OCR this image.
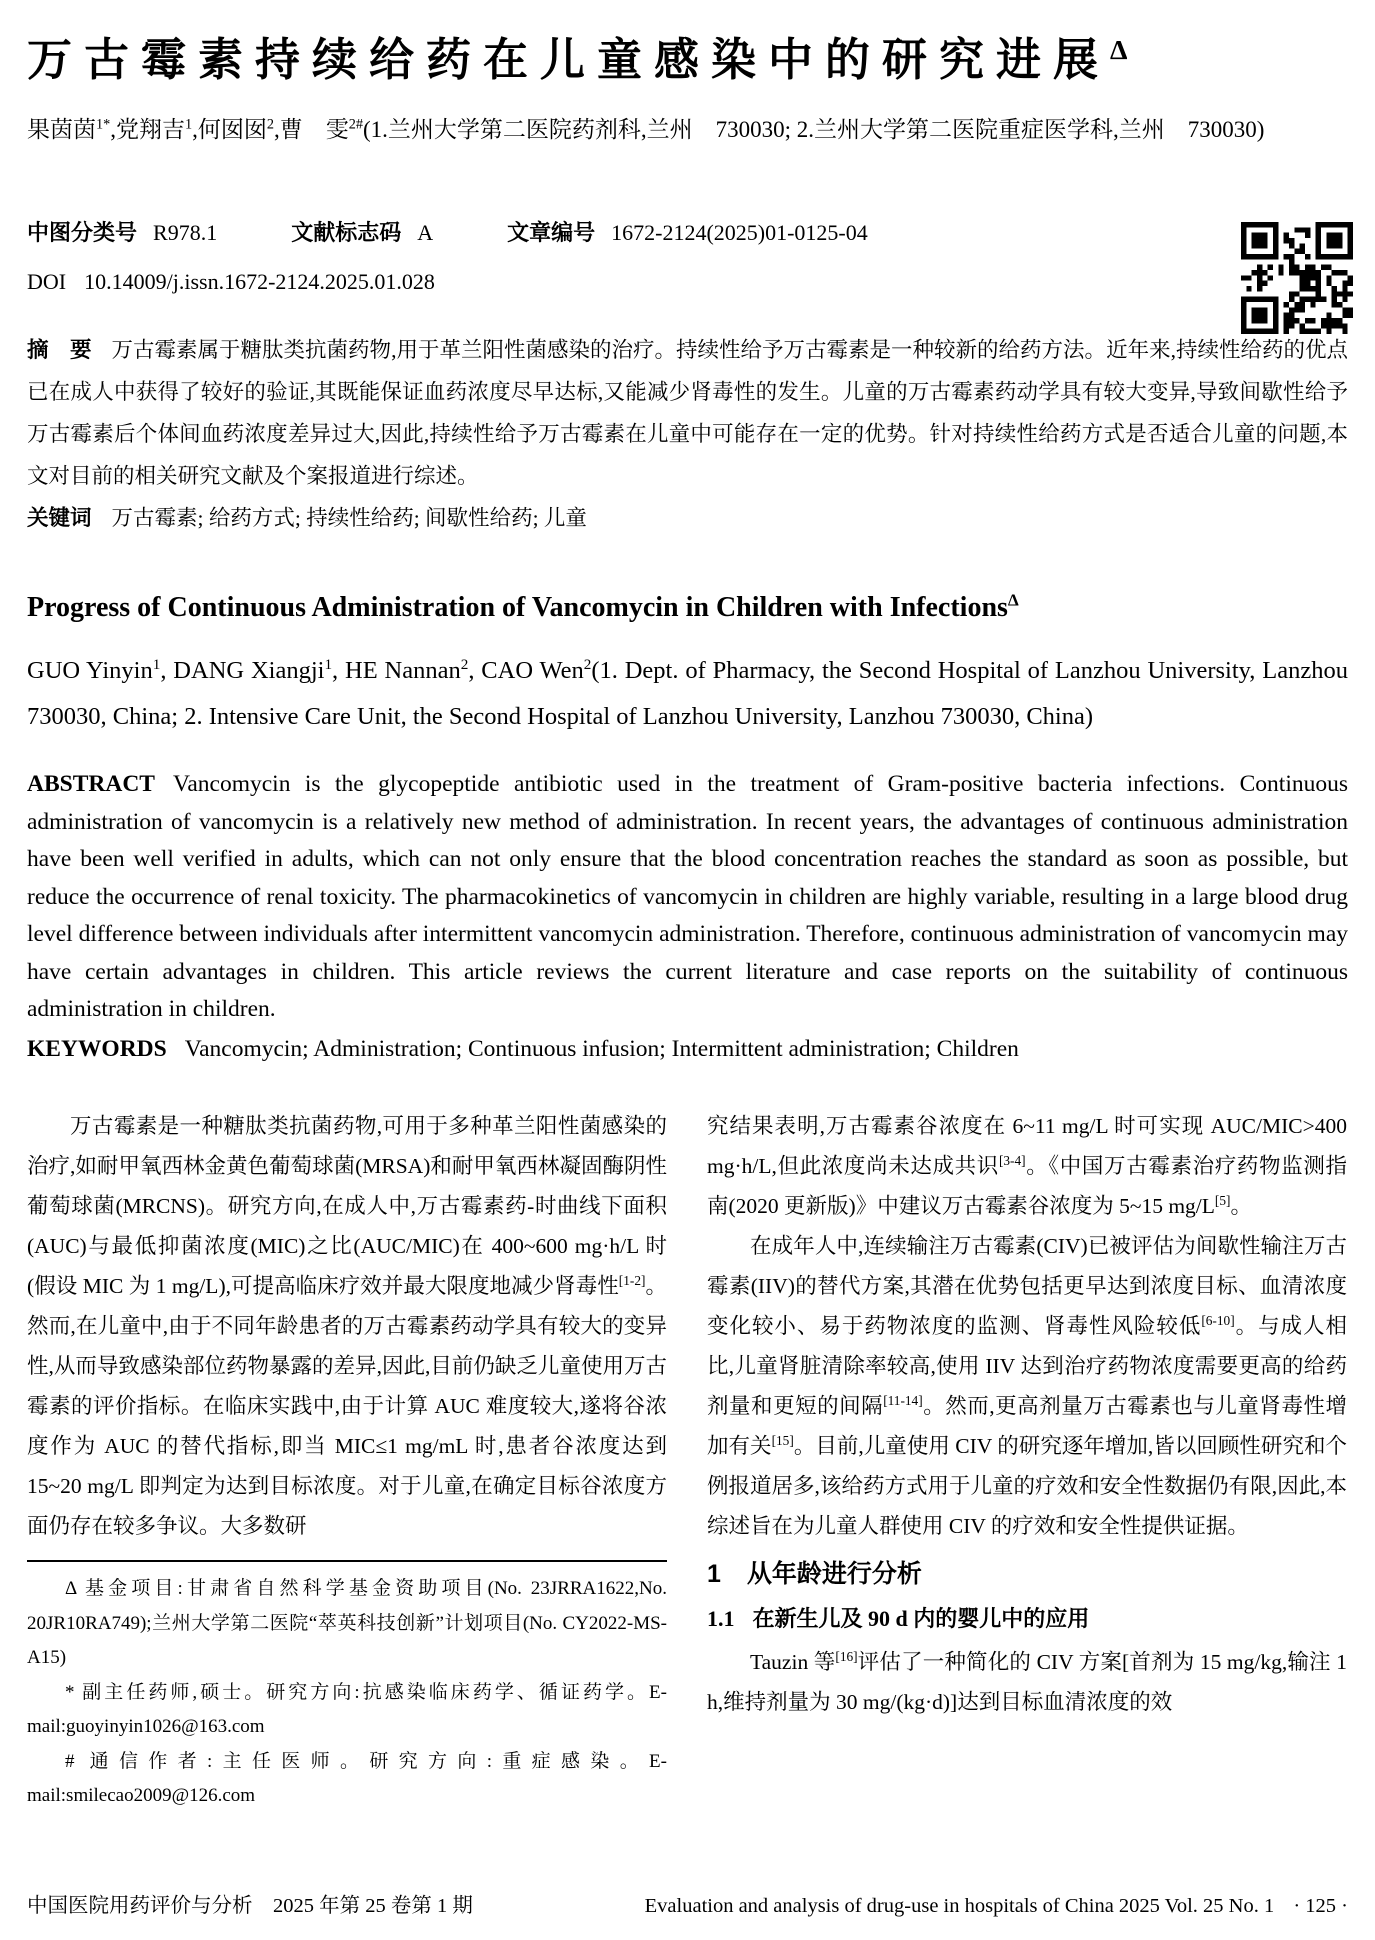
万古霉素持续给药在儿童感染中的研究进展$^\Delta$

果茵茵$^{1*}$,党翔吉$^1$,何囡囡$^2$,曹　雯$^{2\#}$(1.兰州大学第二医院药剂科,兰州　730030; 2.兰州大学第二医院重症医学科,兰州　730030)

中图分类号 R978.1	文献标志码 A	文章编号 1672-2124(2025)01-0125-04
DOI 10.14009/j.issn.1672-2124.2025.01.028

摘　要 万古霉素属于糖肽类抗菌药物,用于革兰阳性菌感染的治疗。持续性给予万古霉素是一种较新的给药方法。近年来,持续性给药的优点已在成人中获得了较好的验证,其既能保证血药浓度尽早达标,又能减少肾毒性的发生。儿童的万古霉素药动学具有较大变异,导致间歇性给予万古霉素后个体间血药浓度差异过大,因此,持续性给予万古霉素在儿童中可能存在一定的优势。针对持续性给药方式是否适合儿童的问题,本文对目前的相关研究文献及个案报道进行综述。

关键词 万古霉素; 给药方式; 持续性给药; 间歇性给药; 儿童

Progress of Continuous Administration of Vancomycin in Children with Infections$^\Delta$

GUO Yinyin$^1$, DANG Xiangji$^1$, HE Nannan$^2$, CAO Wen$^2$(1. Dept. of Pharmacy, the Second Hospital of Lanzhou University, Lanzhou 730030, China; 2. Intensive Care Unit, the Second Hospital of Lanzhou University, Lanzhou 730030, China)

ABSTRACT Vancomycin is the glycopeptide antibiotic used in the treatment of Gram-positive bacteria infections. Continuous administration of vancomycin is a relatively new method of administration. In recent years, the advantages of continuous administration have been well verified in adults, which can not only ensure that the blood concentration reaches the standard as soon as possible, but reduce the occurrence of renal toxicity. The pharmacokinetics of vancomycin in children are highly variable, resulting in a large blood drug level difference between individuals after intermittent vancomycin administration. Therefore, continuous administration of vancomycin may have certain advantages in children. This article reviews the current literature and case reports on the suitability of continuous administration in children.

KEYWORDS Vancomycin; Administration; Continuous infusion; Intermittent administration; Children

万古霉素是一种糖肽类抗菌药物,可用于多种革兰阳性菌感染的治疗,如耐甲氧西林金黄色葡萄球菌(MRSA)和耐甲氧西林凝固酶阴性葡萄球菌(MRCNS)。研究方向,在成人中,万古霉素药-时曲线下面积(AUC)与最低抑菌浓度(MIC)之比(AUC/MIC)在 400~600 mg·h/L 时(假设 MIC 为 1 mg/L),可提高临床疗效并最大限度地减少肾毒性[1-2]。然而,在儿童中,由于不同年龄患者的万古霉素药动学具有较大的变异性,从而导致感染部位药物暴露的差异,因此,目前仍缺乏儿童使用万古霉素的评价指标。在临床实践中,由于计算 AUC 难度较大,遂将谷浓度作为 AUC 的替代指标,即当 MIC≤1 mg/mL 时,患者谷浓度达到 15~20 mg/L 即判定为达到目标浓度。对于儿童,在确定目标谷浓度方面仍存在较多争议。大多数研

Δ 基金项目:甘肃省自然科学基金资助项目(No. 23JRRA1622,No. 20JR10RA749);兰州大学第二医院“萃英科技创新”计划项目(No. CY2022-MS-A15)

* 副主任药师,硕士。研究方向:抗感染临床药学、循证药学。E-mail:guoyinyin1026@163.com

# 通信作者:主任医师。研究方向:重症感染。E-mail:smilecao2009@126.com

究结果表明,万古霉素谷浓度在 6~11 mg/L 时可实现 AUC/MIC>400 mg·h/L,但此浓度尚未达成共识[3-4]。《中国万古霉素治疗药物监测指南(2020 更新版)》中建议万古霉素谷浓度为 5~15 mg/L[5]。

在成年人中,连续输注万古霉素(CIV)已被评估为间歇性输注万古霉素(IIV)的替代方案,其潜在优势包括更早达到浓度目标、血清浓度变化较小、易于药物浓度的监测、肾毒性风险较低[6-10]。与成人相比,儿童肾脏清除率较高,使用 IIV 达到治疗药物浓度需要更高的给药剂量和更短的间隔[11-14]。然而,更高剂量万古霉素也与儿童肾毒性增加有关[15]。目前,儿童使用 CIV 的研究逐年增加,皆以回顾性研究和个例报道居多,该给药方式用于儿童的疗效和安全性数据仍有限,因此,本综述旨在为儿童人群使用 CIV 的疗效和安全性提供证据。

1 从年龄进行分析
1.1 在新生儿及 90 d 内的婴儿中的应用

Tauzin 等[16]评估了一种简化的 CIV 方案[首剂为 15 mg/kg,输注 1 h,维持剂量为 30 mg/(kg·d)]达到目标血清浓度的效

中国医院用药评价与分析　2025 年第 25 卷第 1 期	Evaluation and analysis of drug-use in hospitals of China 2025 Vol. 25 No. 1 · 125 ·
